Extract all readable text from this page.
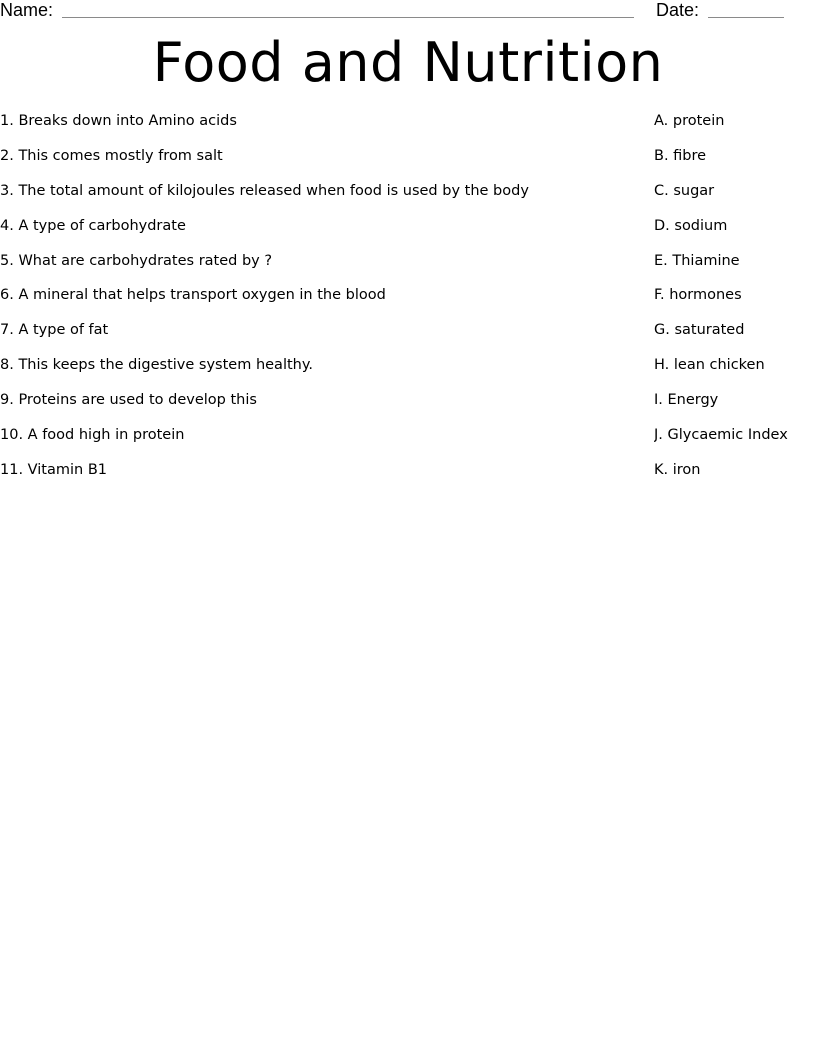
Name:	Date:
Food and Nutrition
1. Breaks down into Amino acids
2. This comes mostly from salt
3. The total amount of kilojoules released when food is used by the body
4. A type of carbohydrate
5. What are carbohydrates rated by ?
6. A mineral that helps transport oxygen in the blood
7. A type of fat
8. This keeps the digestive system healthy.
9. Proteins are used to develop this
10. A food high in protein
11. Vitamin B1
A. protein
B. fibre
C. sugar
D. sodium
E. Thiamine
F. hormones
G. saturated
H. lean chicken
I. Energy
J. Glycaemic Index
K. iron
